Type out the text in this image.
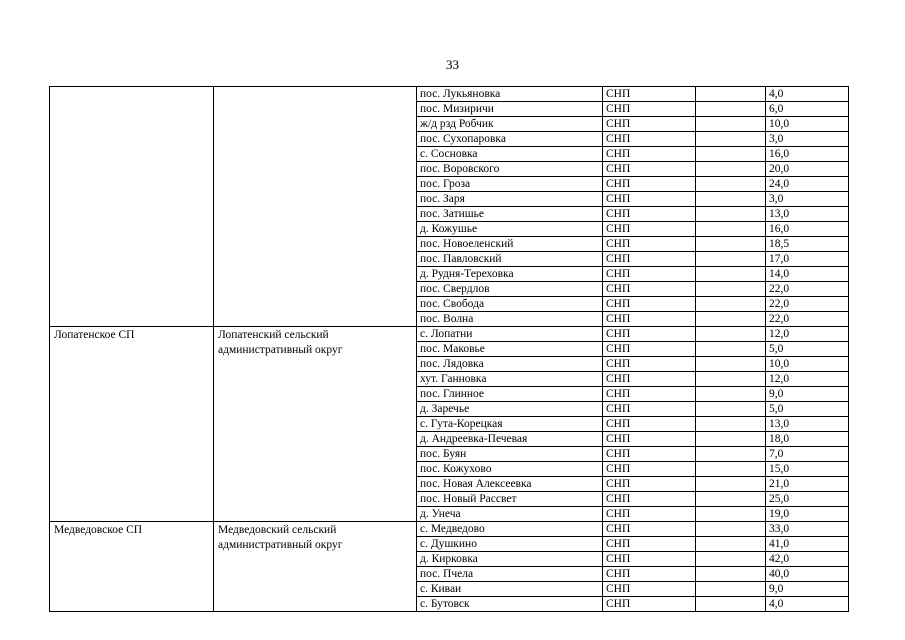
33
		пос. Лукьяновка	СНП		4,0
		пос. Мизиричи	СНП		6,0
		ж/д рзд Робчик	СНП		10,0
		пос. Сухопаровка	СНП		3,0
		с. Сосновка	СНП		16,0
		пос. Воровского	СНП		20,0
		пос. Гроза	СНП		24,0
		пос. Заря	СНП		3,0
		пос. Затишье	СНП		13,0
		д. Кожушье	СНП		16,0
		пос. Новоеленский	СНП		18,5
		пос. Павловский	СНП		17,0
		д. Рудня-Тереховка	СНП		14,0
		пос. Свердлов	СНП		22,0
		пос. Свобода	СНП		22,0
		пос. Волна	СНП		22,0
Лопатенское СП	Лопатенский сельский административный округ	с. Лопатни	СНП		12,0
		пос. Маковье	СНП		5,0
		пос. Лядовка	СНП		10,0
		хут. Ганновка	СНП		12,0
		пос. Глинное	СНП		9,0
		д. Заречье	СНП		5,0
		с. Гута-Корецкая	СНП		13,0
		д. Андреевка-Печевая	СНП		18,0
		пос. Буян	СНП		7,0
		пос. Кожухово	СНП		15,0
		пос. Новая Алексеевка	СНП		21,0
		пос. Новый Рассвет	СНП		25,0
		д. Унеча	СНП		19,0
Медведовское СП	Медведовский сельский административный округ	с. Медведово	СНП		33,0
		с. Душкино	СНП		41,0
		д. Кирковка	СНП		42,0
		пос. Пчела	СНП		40,0
		с. Киваи	СНП		9,0
		с. Бутовск	СНП		4,0
